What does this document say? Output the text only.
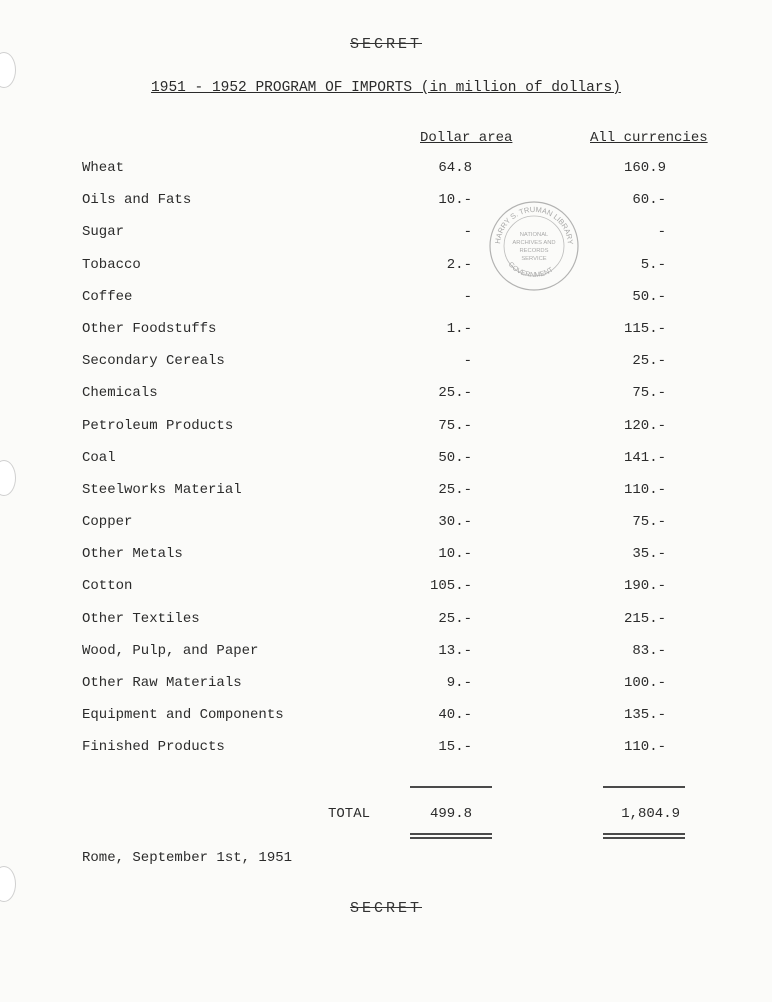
SECRET
1951 - 1952 PROGRAM OF IMPORTS (in million of dollars)
Dollar area	All currencies
Wheat	64.8	160.9
Oils and Fats	10.-	60.-
Sugar	-	-
Tobacco	2.-	5.-
Coffee	-	50.-
Other Foodstuffs	1.-	115.-
Secondary Cereals	-	25.-
Chemicals	25.-	75.-
Petroleum Products	75.-	120.-
Coal	50.-	141.-
Steelworks Material	25.-	110.-
Copper	30.-	75.-
Other Metals	10.-	35.-
Cotton	105.-	190.-
Other Textiles	25.-	215.-
Wood, Pulp, and Paper	13.-	83.-
Other Raw Materials	9.-	100.-
Equipment and Components	40.-	135.-
Finished Products	15.-	110.-
TOTAL	499.8	1,804.9
Rome, September 1st, 1951
SECRET
HARRY S. TRUMAN LIBRARY
NATIONAL
ARCHIVES AND
RECORDS
SERVICE
GOVERNMENT
